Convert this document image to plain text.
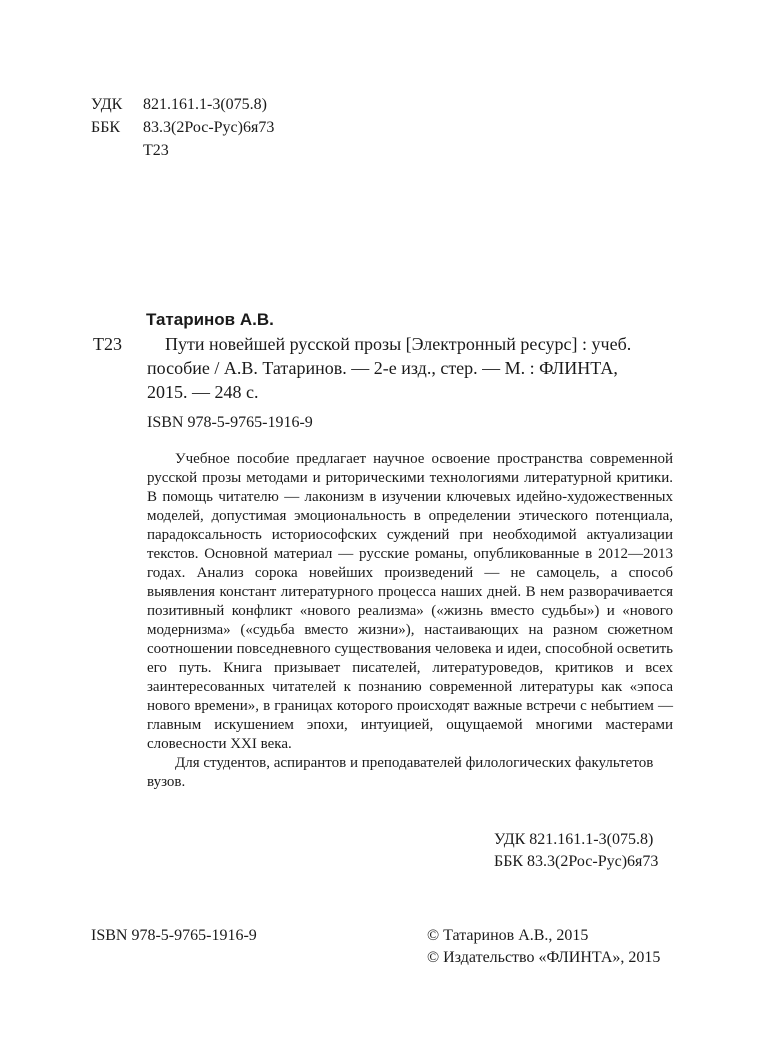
УДК 821.161.1-3(075.8)
ББК 83.3(2Рос-Рус)6я73
Т23
Татаринов А.В.
Т23 Пути новейшей русской прозы [Электронный ресурс] : учеб.
пособие / А.В. Татаринов. — 2-е изд., стер. — М. : ФЛИНТА,
2015. — 248 с.
ISBN 978-5-9765-1916-9

Учебное пособие предлагает научное освоение пространства современной русской прозы методами и риторическими технологиями литературной критики. В помощь читателю — лаконизм в изучении ключевых идейно-художественных моделей, допустимая эмоциональность в определении этического потенциала, парадоксальность историософских суждений при необходимой актуализации текстов. Основной материал — русские романы, опубликованные в 2012—2013 годах. Анализ сорока новейших произведений — не самоцель, а способ выявления констант литературного процесса наших дней. В нем разворачивается позитивный конфликт «нового реализма» («жизнь вместо судьбы») и «нового модернизма» («судьба вместо жизни»), настаивающих на разном сюжетном соотношении повседневного существования человека и идеи, способной осветить его путь. Книга призывает писателей, литературоведов, критиков и всех заинтересованных читателей к познанию современной литературы как «эпоса нового времени», в границах которого происходят важные встречи с небытием — главным искушением эпохи, интуицией, ощущаемой многими мастерами словесности XXI века.

Для студентов, аспирантов и преподавателей филологических факультетов вузов.

УДК 821.161.1-3(075.8)
ББК 83.3(2Рос-Рус)6я73
ISBN 978-5-9765-1916-9	© Татаринов А.В., 2015
© Издательство «ФЛИНТА», 2015
